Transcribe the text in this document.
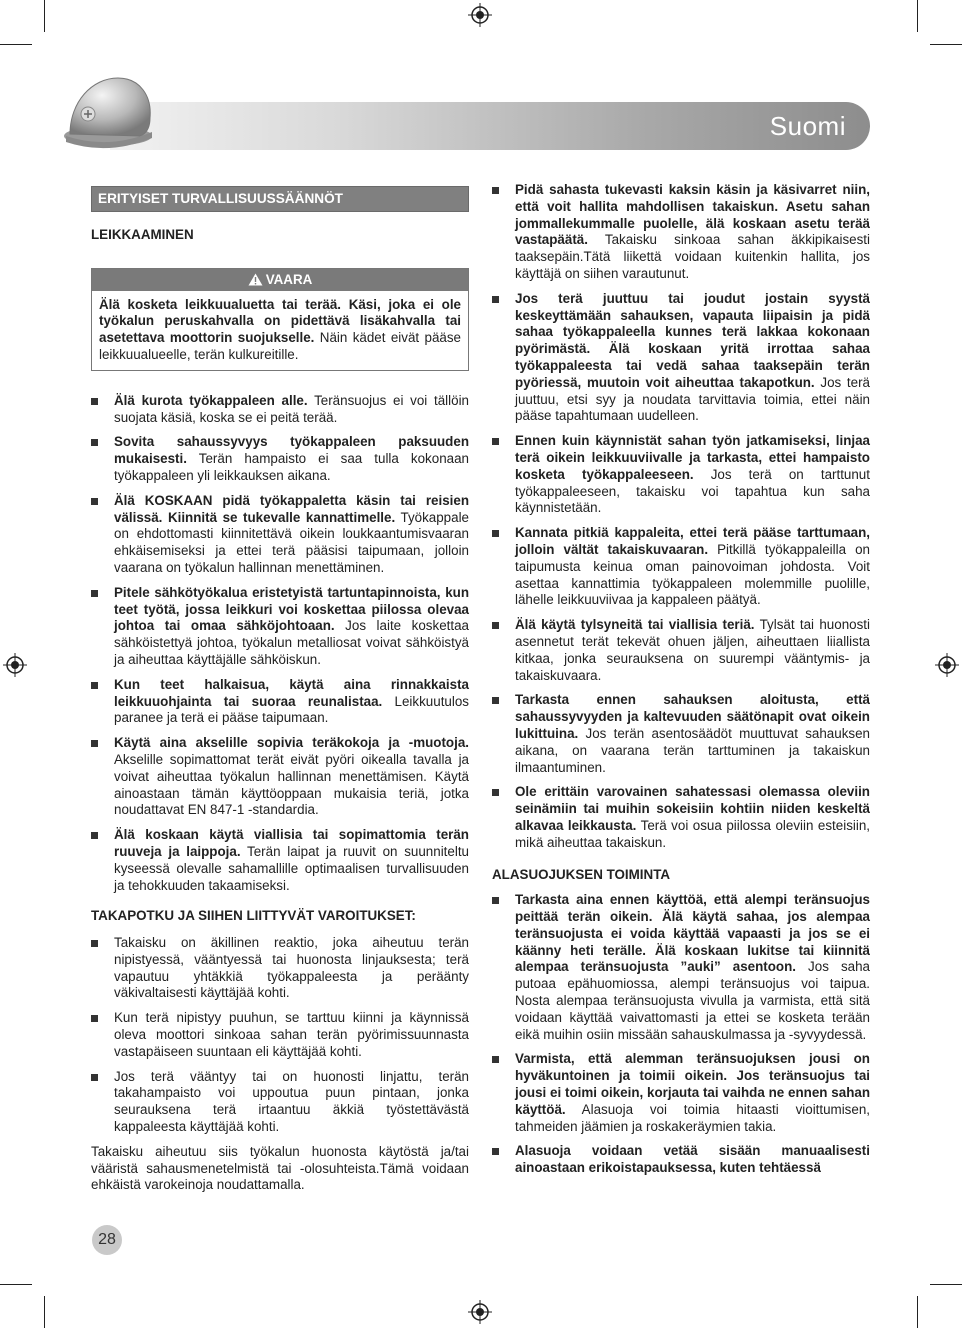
Suomi
ERITYISET TURVALLISUUSSÄÄNNÖT
LEIKKAAMINEN
VAARA
Älä kosketa leikkuualuetta tai terää. Käsi, joka ei ole työkalun peruskahvalla on pidettävä lisäkahvalla tai asetettava moottorin suojukselle. Näin kädet eivät pääse leikkuualueelle, terän kulkureitille.
Älä kurota työkappaleen alle. Teränsuojus ei voi tällöin suojata käsiä, koska se ei peitä terää.
Sovita sahaussyvyys työkappaleen paksuuden mukaisesti. Terän hampaisto ei saa tulla kokonaan työkappaleen yli leikkauksen aikana.
Älä KOSKAAN pidä työkappaletta käsin tai reisien välissä. Kiinnitä se tukevalle kannattimelle. Työkappale on ehdottomasti kiinnitettävä oikein loukkaantumisvaaran ehkäisemiseksi ja ettei terä pääsisi taipumaan, jolloin vaarana on työkalun hallinnan menettäminen.
Pitele sähkötyökalua eristetyistä tartuntapinnoista, kun teet työtä, jossa leikkuri voi koskettaa piilossa olevaa johtoa tai omaa sähköjohtoaan. Jos laite koskettaa sähköistettyä johtoa, työkalun metalliosat voivat sähköistyä ja aiheuttaa käyttäjälle sähköiskun.
Kun teet halkaisua, käytä aina rinnakkaista leikkuuohjainta tai suoraa reunalistaa. Leikkuutulos paranee ja terä ei pääse taipumaan.
Käytä aina akselille sopivia teräkokoja ja -muotoja. Akselille sopimattomat terät eivät pyöri oikealla tavalla ja voivat aiheuttaa työkalun hallinnan menettämisen. Käytä ainoastaan tämän käyttöoppaan mukaisia teriä, jotka noudattavat EN 847-1 -standardia.
Älä koskaan käytä viallisia tai sopimattomia terän ruuveja ja laippoja. Terän laipat ja ruuvit on suunniteltu kyseessä olevalle sahamallille optimaalisen turvallisuuden ja tehokkuuden takaamiseksi.
TAKAPOTKU JA SIIHEN LIITTYVÄT VAROITUKSET:
Takaisku on äkillinen reaktio, joka aiheutuu terän nipistyessä, vääntyessä tai huonosta linjauksesta; terä vapautuu yhtäkkiä työkappaleesta ja peräänty väkivaltaisesti käyttäjää kohti.
Kun terä nipistyy puuhun, se tarttuu kiinni ja käynnissä oleva moottori sinkoaa sahan terän pyörimissuunnasta vastapäiseen suuntaan eli käyttäjää kohti.
Jos terä vääntyy tai on huonosti linjattu, terän takahampaisto voi uppoutua puun pintaan, jonka seurauksena terä irtaantuu äkkiä työstettävästä kappaleesta käyttäjää kohti.

Takaisku aiheutuu siis työkalun huonosta käytöstä ja/tai vääristä sahausmenetelmistä tai -olosuhteista.Tämä voidaan ehkäistä varokeinoja noudattamalla.

Pidä sahasta tukevasti kaksin käsin ja käsivarret niin, että voit hallita mahdollisen takaiskun. Asetu sahan jommallekummalle puolelle, älä koskaan asetu terää vastapäätä. Takaisku sinkoaa sahan äkkipikaisesti taaksepäin.Tätä liikettä voidaan kuitenkin hallita, jos käyttäjä on siihen varautunut.
Jos terä juuttuu tai joudut jostain syystä keskeyttämään sahauksen, vapauta liipaisin ja pidä sahaa työkappaleella kunnes terä lakkaa kokonaan pyörimästä. Älä koskaan yritä irrottaa sahaa työkappaleesta tai vedä sahaa taaksepäin terän pyöriessä, muutoin voit aiheuttaa takapotkun. Jos terä juuttuu, etsi syy ja noudata tarvittavia toimia, ettei näin pääse tapahtumaan uudelleen.
Ennen kuin käynnistät sahan työn jatkamiseksi, linjaa terä oikein leikkuuviivalle ja tarkasta, ettei hampaisto kosketa työkappaleeseen. Jos terä on tarttunut työkappaleeseen, takaisku voi tapahtua kun saha käynnistetään.
Kannata pitkiä kappaleita, ettei terä pääse tarttumaan, jolloin vältät takaiskuvaaran. Pitkillä työkappaleilla on taipumusta keinua oman painovoiman johdosta. Voit asettaa kannattimia työkappaleen molemmille puolille, lähelle leikkuuviivaa ja kappaleen päätyä.
Älä käytä tylsyneitä tai viallisia teriä. Tylsät tai huonosti asennetut terät tekevät ohuen jäljen, aiheuttaen liiallista kitkaa, jonka seurauksena on suurempi vääntymis- ja takaiskuvaara.
Tarkasta ennen sahauksen aloitusta, että sahaussyvyyden ja kaltevuuden säätönapit ovat oikein lukittuina. Jos terän asentosäädöt muuttuvat sahauksen aikana, on vaarana terän tarttuminen ja takaiskun ilmaantuminen.
Ole erittäin varovainen sahatessasi olemassa oleviin seinämiin tai muihin sokeisiin kohtiin niiden keskeltä alkavaa leikkausta. Terä voi osua piilossa oleviin esteisiin, mikä aiheuttaa takaiskun.
ALASUOJUKSEN TOIMINTA
Tarkasta aina ennen käyttöä, että alempi teränsuojus peittää terän oikein. Älä käytä sahaa, jos alempaa teränsuojusta ei voida käyttää vapaasti ja jos se ei käänny heti terälle. Älä koskaan lukitse tai kiinnitä alempaa teränsuojusta ”auki” asentoon. Jos saha putoaa epähuomiossa, alempi teränsuojus voi taipua. Nosta alempaa teränsuojusta vivulla ja varmista, että sitä voidaan käyttää vaivattomasti ja ettei se kosketa terään eikä muihin osiin missään sahauskulmassa ja -syvyydessä.
Varmista, että alemman teränsuojuksen jousi on hyväkuntoinen ja toimii oikein. Jos teränsuojus tai jousi ei toimi oikein, korjauta tai vaihda ne ennen sahan käyttöä. Alasuoja voi toimia hitaasti vioittumisen, tahmeiden jäämien ja roskakeräymien takia.
Alasuoja voidaan vetää sisään manuaalisesti ainoastaan erikoistapauksessa, kuten tehtäessä
28
